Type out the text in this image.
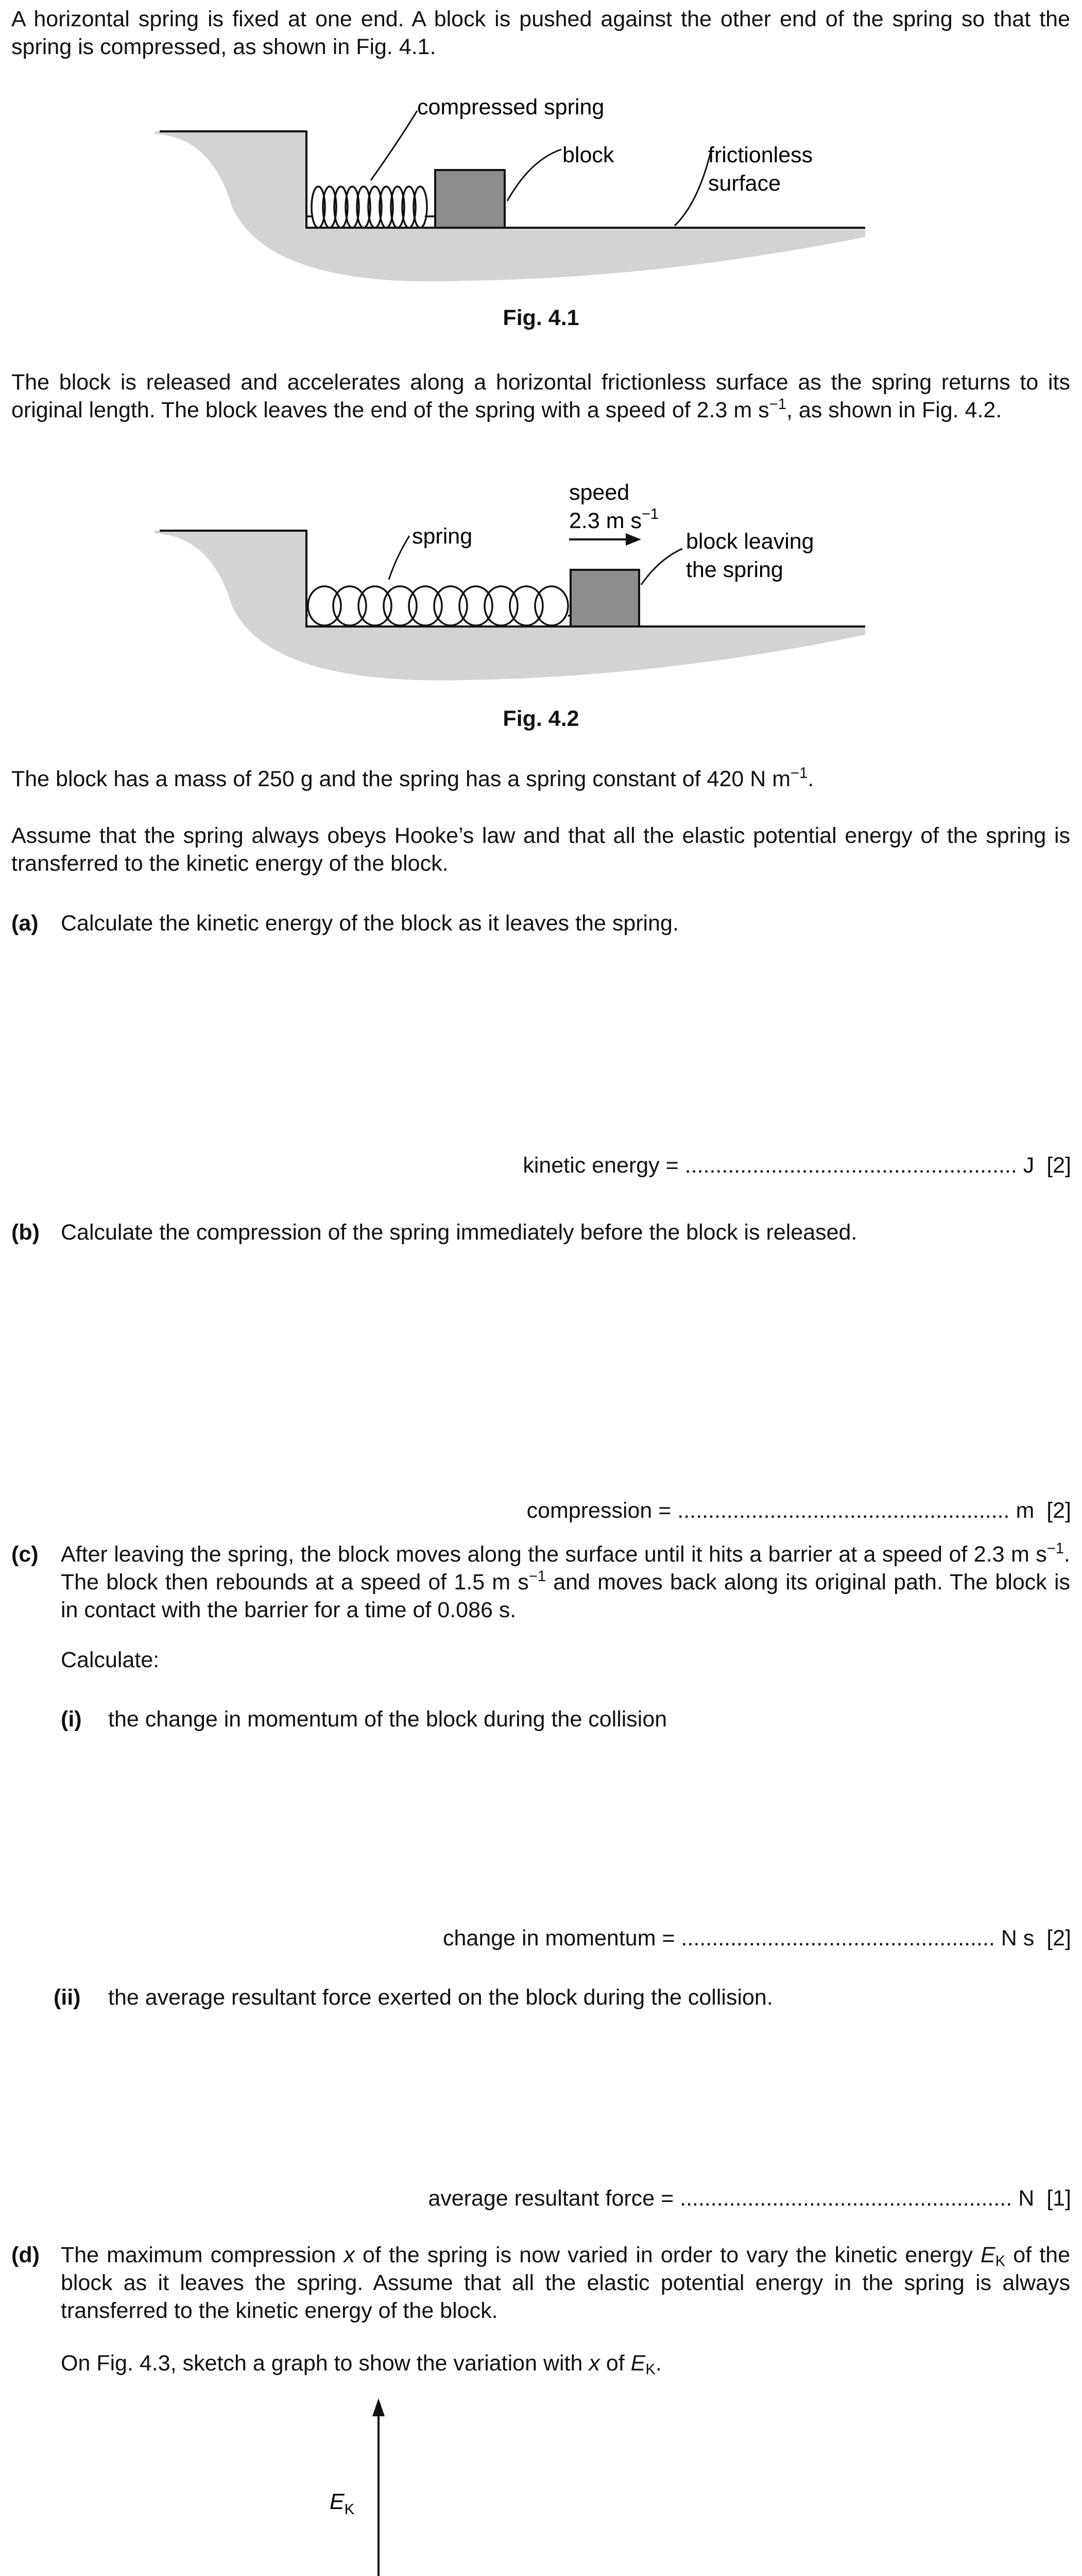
A horizontal spring is fixed at one end. A block is pushed against the other end of the spring so that the spring is compressed, as shown in Fig. 4.1.
compressed spring
block	frictionless
surface
Fig. 4.1
The block is released and accelerates along a horizontal frictionless surface as the spring returns to its original length. The block leaves the end of the spring with a speed of 2.3 m $s^{-1}$, as shown in Fig. 4.2.
spring
speed
2.3 m $s^{-1}$
block leaving
the spring
Fig. 4.2
The block has a mass of 250 g and the spring has a spring constant of 420 N $m^{-1}$.
Assume that the spring always obeys Hooke’s law and that all the elastic potential energy of the spring is transferred to the kinetic energy of the block.
(a) Calculate the kinetic energy of the block as it leaves the spring.
kinetic energy = ...................................................... J [2]
(b) Calculate the compression of the spring immediately before the block is released.
compression = ...................................................... m [2]
(c) After leaving the spring, the block moves along the surface until it hits a barrier at a speed of 2.3 m $s^{-1}$. The block then rebounds at a speed of 1.5 m $s^{-1}$ and moves back along its original path. The block is in contact with the barrier for a time of 0.086 s.
Calculate:
(i) the change in momentum of the block during the collision
change in momentum = ................................................... N s [2]
(ii) the average resultant force exerted on the block during the collision.
average resultant force = ...................................................... N [1]
(d) The maximum compression x of the spring is now varied in order to vary the kinetic energy $E_K$ of the block as it leaves the spring. Assume that all the elastic potential energy in the spring is always transferred to the kinetic energy of the block.
On Fig. 4.3, sketch a graph to show the variation with x of $E_K$.
$E_K$
